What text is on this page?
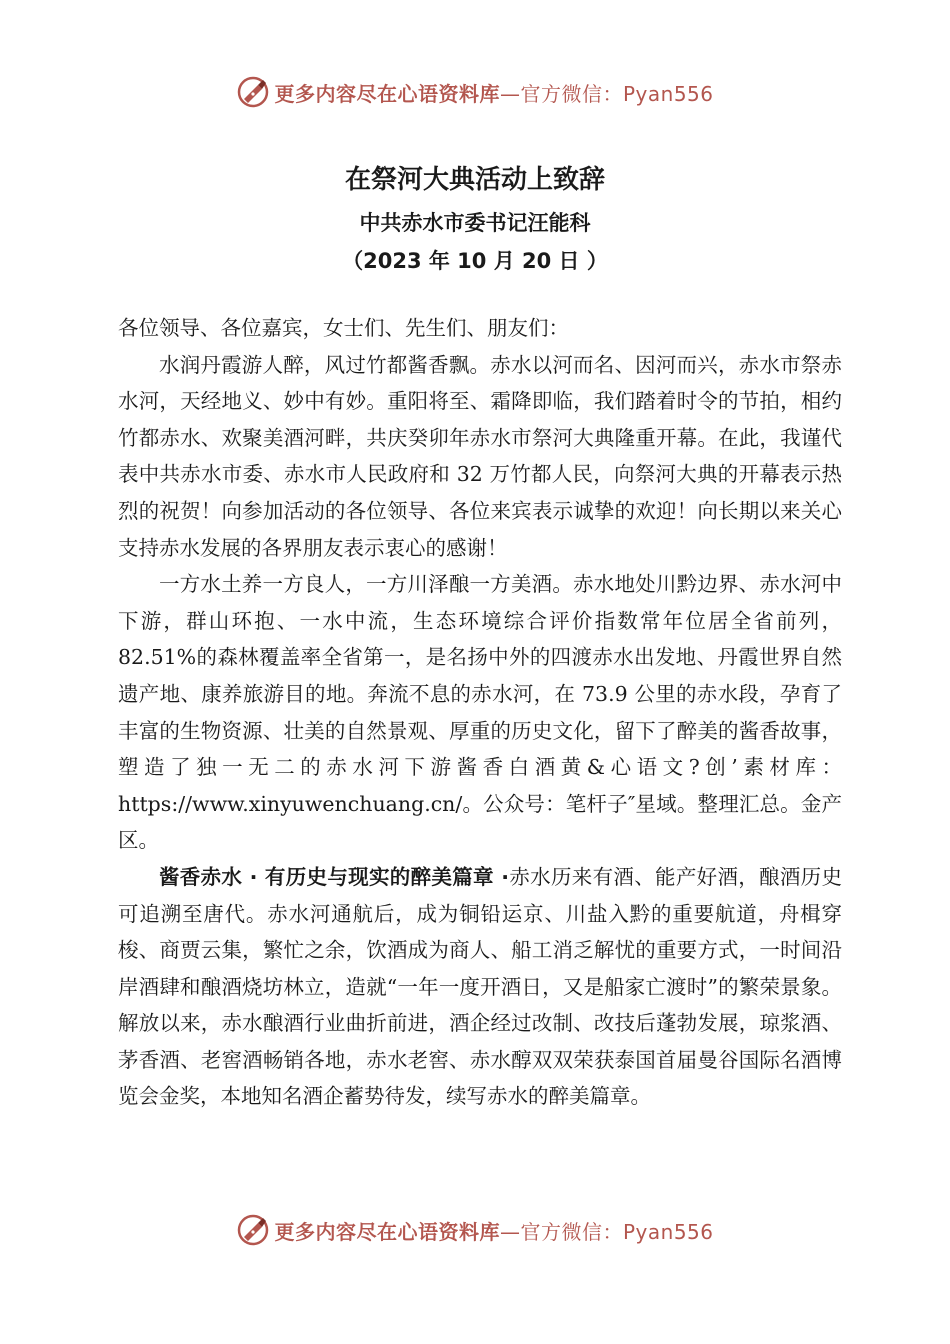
更多内容尽在心语资料库—官方微信：Pyan556
在祭河大典活动上致辞
中共赤水市委书记汪能科
（2023 年 10 月 20 日 ）

各位领导、各位嘉宾，女士们、先生们、朋友们：

水润丹霞游人醉，风过竹都酱香飘。赤水以河而名、因河而兴，赤水市祭赤水河，天经地义、妙中有妙。重阳将至、霜降即临，我们踏着时令的节拍，相约竹都赤水、欢聚美酒河畔，共庆癸卯年赤水市祭河大典隆重开幕。在此，我谨代表中共赤水市委、赤水市人民政府和 32 万竹都人民，向祭河大典的开幕表示热烈的祝贺！向参加活动的各位领导、各位来宾表示诚挚的欢迎！向长期以来关心支持赤水发展的各界朋友表示衷心的感谢！

一方水土养一方良人，一方川泽酿一方美酒。赤水地处川黔边界、赤水河中下游，群山环抱、一水中流，生态环境综合评价指数常年位居全省前列，82.51%的森林覆盖率全省第一，是名扬中外的四渡赤水出发地、丹霞世界自然遗产地、康养旅游目的地。奔流不息的赤水河，在 73.9 公里的赤水段，孕育了丰富的生物资源、壮美的自然景观、厚重的历史文化，留下了醉美的酱香故事，塑造了独一无二的赤水河下游酱香白酒黄&心语文?创’素材库：https://www.xinyuwenchuang.cn/。公众号：笔杆子″星域。整理汇总。金产区。

酱香赤水 · 有历史与现实的醉美篇章 ·赤水历来有酒、能产好酒，酿酒历史可追溯至唐代。赤水河通航后，成为铜铅运京、川盐入黔的重要航道，舟楫穿梭、商贾云集，繁忙之余，饮酒成为商人、船工消乏解忧的重要方式，一时间沿岸酒肆和酿酒烧坊林立，造就“一年一度开酒日，又是船家亡渡时”的繁荣景象。解放以来，赤水酿酒行业曲折前进，酒企经过改制、改技后蓬勃发展，琼浆酒、茅香酒、老窖酒畅销各地，赤水老窖、赤水醇双双荣获泰国首届曼谷国际名酒博览会金奖，本地知名酒企蓄势待发，续写赤水的醉美篇章。

更多内容尽在心语资料库—官方微信：Pyan556
